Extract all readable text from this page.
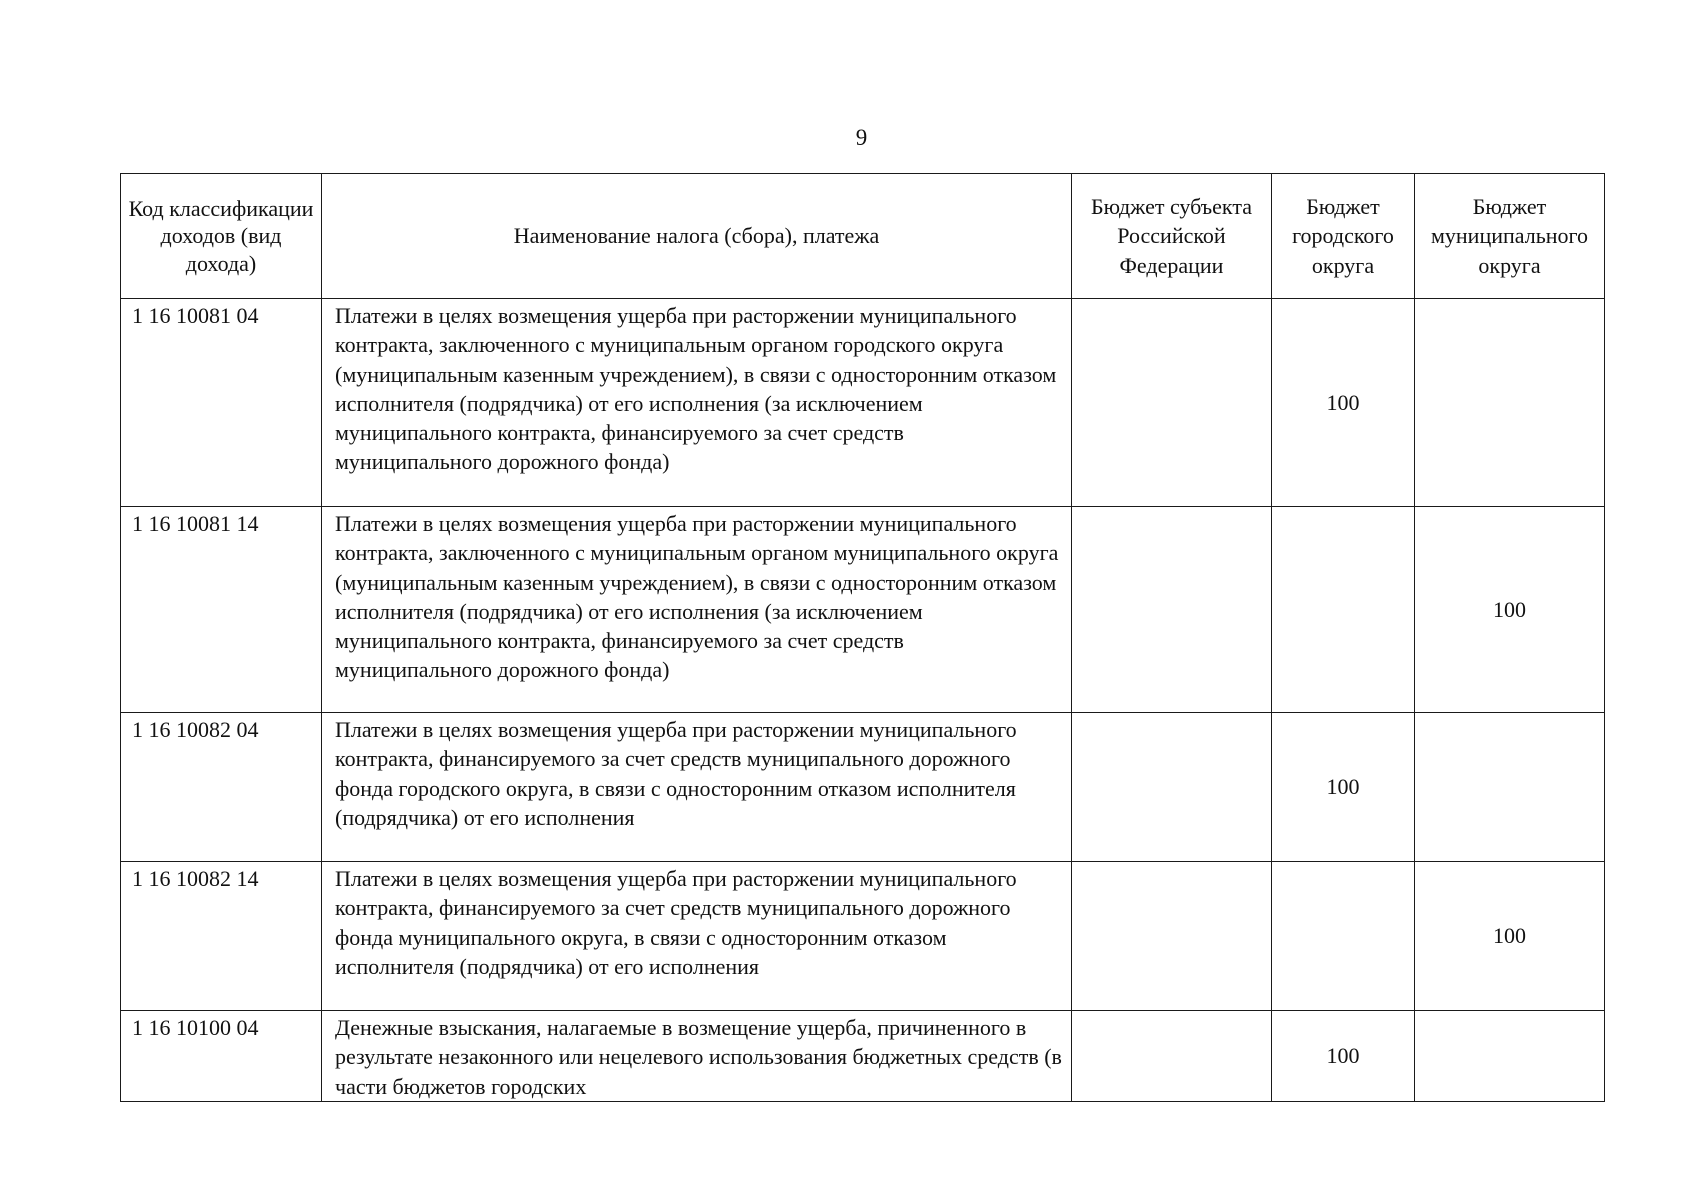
9
Код классификации доходов (вид дохода)	Наименование налога (сбора), платежа	Бюджет субъекта Российской Федерации	Бюджет городского округа	Бюджет муниципального округа
1 16 10081 04	Платежи в целях возмещения ущерба при расторжении муниципального контракта, заключенного с муниципальным органом городского округа (муниципальным казенным учреждением), в связи с односторонним отказом исполнителя (подрядчика) от его исполнения (за исключением муниципального контракта, финансируемого за счет средств муниципального дорожного фонда)		100	
1 16 10081 14	Платежи в целях возмещения ущерба при расторжении муниципального контракта, заключенного с муниципальным органом муниципального округа (муниципальным казенным учреждением), в связи с односторонним отказом исполнителя (подрядчика) от его исполнения (за исключением муниципального контракта, финансируемого за счет средств муниципального дорожного фонда)			100
1 16 10082 04	Платежи в целях возмещения ущерба при расторжении муниципального контракта, финансируемого за счет средств муниципального дорожного фонда городского округа, в связи с односторонним отказом исполнителя (подрядчика) от его исполнения		100	
1 16 10082 14	Платежи в целях возмещения ущерба при расторжении муниципального контракта, финансируемого за счет средств муниципального дорожного фонда муниципального округа, в связи с односторонним отказом исполнителя (подрядчика) от его исполнения			100
1 16 10100 04	Денежные взыскания, налагаемые в возмещение ущерба, причиненного в результате незаконного или нецелевого использования бюджетных средств (в части бюджетов городских		100	
